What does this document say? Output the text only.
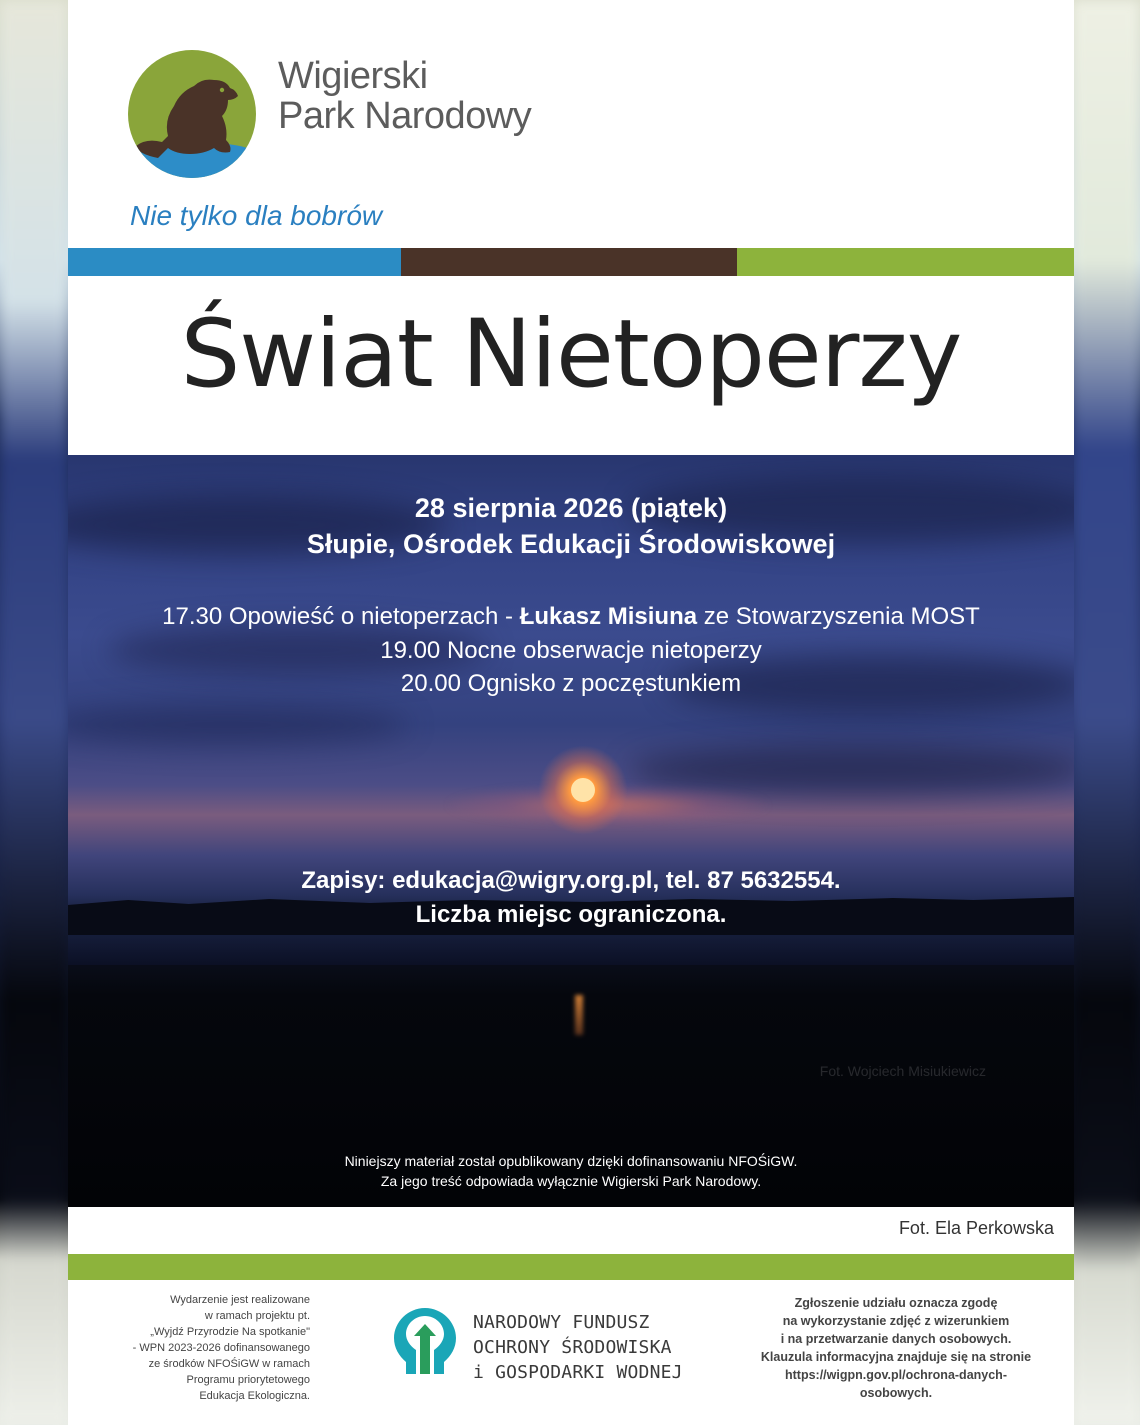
Wigierski
Park Narodowy
Nie tylko dla bobrów
Świat Nietoperzy
28 sierpnia 2026 (piątek)
Słupie, Ośrodek Edukacji Środowiskowej
17.30 Opowieść o nietoperzach - Łukasz Misiuna ze Stowarzyszenia MOST
19.00 Nocne obserwacje nietoperzy
20.00 Ognisko z poczęstunkiem
Fot. Wojciech Misiukiewicz
Zapisy: edukacja@wigry.org.pl, tel. 87 5632554.
Liczba miejsc ograniczona.
Niniejszy materiał został opublikowany dzięki dofinansowaniu NFOŚiGW.
Za jego treść odpowiada wyłącznie Wigierski Park Narodowy.
Fot. Ela Perkowska
Wydarzenie jest realizowane
w ramach projektu pt.
„Wyjdź Przyrodzie Na spotkanie"
- WPN 2023-2026 dofinansowanego
ze środków NFOŚiGW w ramach
Programu priorytetowego
Edukacja Ekologiczna.
NARODOWY FUNDUSZ
OCHRONY ŚRODOWISKA
i GOSPODARKI WODNEJ
Zgłoszenie udziału oznacza zgodę
na wykorzystanie zdjęć z wizerunkiem
i na przetwarzanie danych osobowych.
Klauzula informacyjna znajduje się na stronie
https://wigpn.gov.pl/ochrona-danych-
osobowych.
